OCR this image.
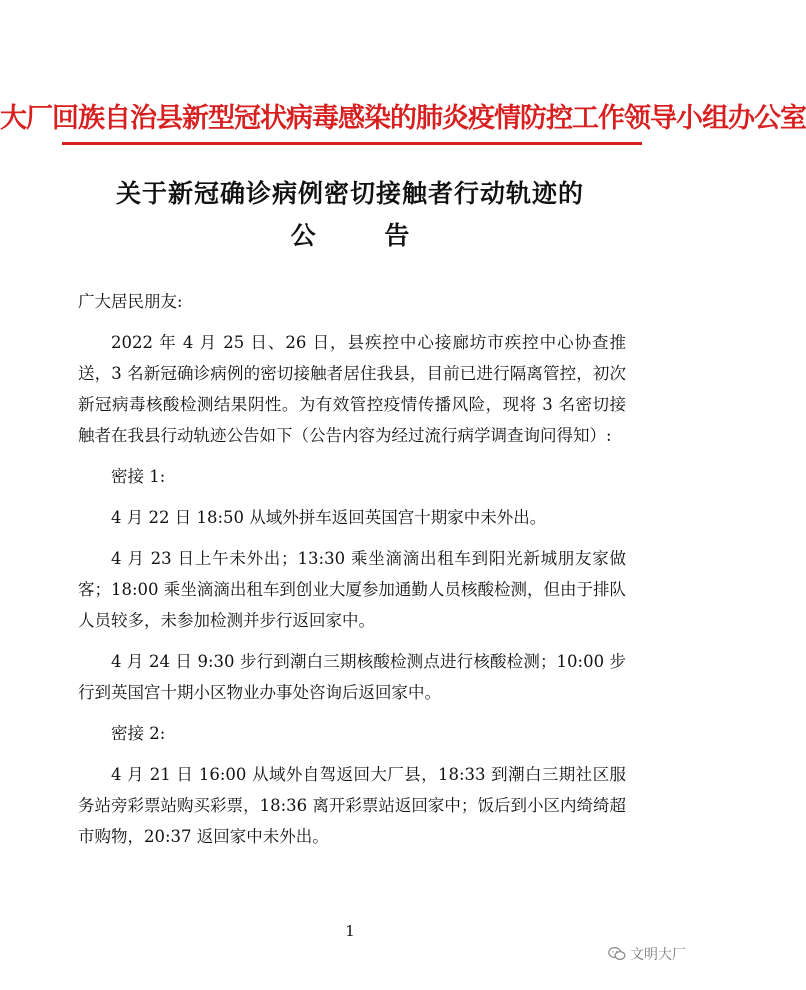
大厂回族自治县新型冠状病毒感染的肺炎疫情防控工作领导小组办公室
关于新冠确诊病例密切接触者行动轨迹的
公 告

广大居民朋友:

2022 年 4 月 25 日、26 日，县疾控中心接廊坊市疾控中心协查推送，3 名新冠确诊病例的密切接触者居住我县，目前已进行隔离管控，初次新冠病毒核酸检测结果阴性。为有效管控疫情传播风险，现将 3 名密切接触者在我县行动轨迹公告如下（公告内容为经过流行病学调查询问得知）:

密接 1:

4 月 22 日 18:50 从域外拼车返回英国宫十期家中未外出。

4 月 23 日上午未外出；13:30 乘坐滴滴出租车到阳光新城朋友家做客；18:00 乘坐滴滴出租车到创业大厦参加通勤人员核酸检测，但由于排队人员较多，未参加检测并步行返回家中。

4 月 24 日 9:30 步行到潮白三期核酸检测点进行核酸检测；10:00 步行到英国宫十期小区物业办事处咨询后返回家中。

密接 2:

4 月 21 日 16:00 从域外自驾返回大厂县，18:33 到潮白三期社区服务站旁彩票站购买彩票，18:36 离开彩票站返回家中；饭后到小区内绮绮超市购物，20:37 返回家中未外出。

1
文明大厂
